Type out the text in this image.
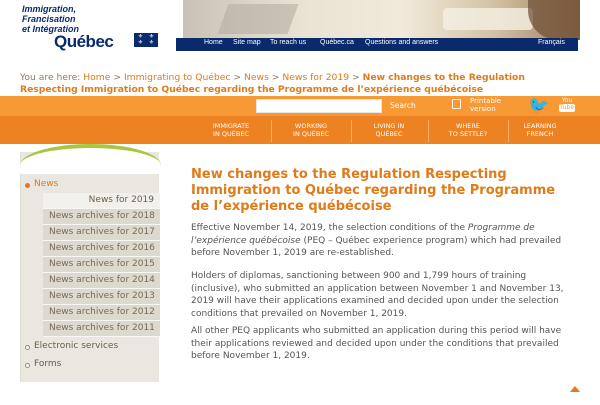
Immigration,
Francisation
et Intégration
Québec	⚜ ⚜
⚜ ⚜	Home Site map To reach us Québec.ca Questions and answers	Français
You are here: Home > Immigrating to Québec > News > News for 2019 > New changes to the Regulation Respecting Immigration to Québec regarding the Programme de l’expérience québécoise
Search	Printable
version	🐦	You
Tube
IMMIGRATE
IN QUÉBEC
WORKING
IN QUÉBEC
LIVING IN
QUÉBEC
WHERE
TO SETTLE?
LEARNING
FRENCH
News
News for 2019
News archives for 2018
News archives for 2017
News archives for 2016
News archives for 2015
News archives for 2014
News archives for 2013
News archives for 2012
News archives for 2011
Electronic services
Forms
New changes to the Regulation Respecting Immigration to Québec regarding the Programme de l’expérience québécoise

Effective November 14, 2019, the selection conditions of the Programme de l’expérience québécoise (PEQ – Québec experience program) which had prevailed before November 1, 2019 are re-established.

Holders of diplomas, sanctioning between 900 and 1,799 hours of training (inclusive), who submitted an application between November 1 and November 13, 2019 will have their applications examined and decided upon under the selection conditions that prevailed on November 1, 2019.

All other PEQ applicants who submitted an application during this period will have their applications reviewed and decided upon under the conditions that prevailed before November 1, 2019.
